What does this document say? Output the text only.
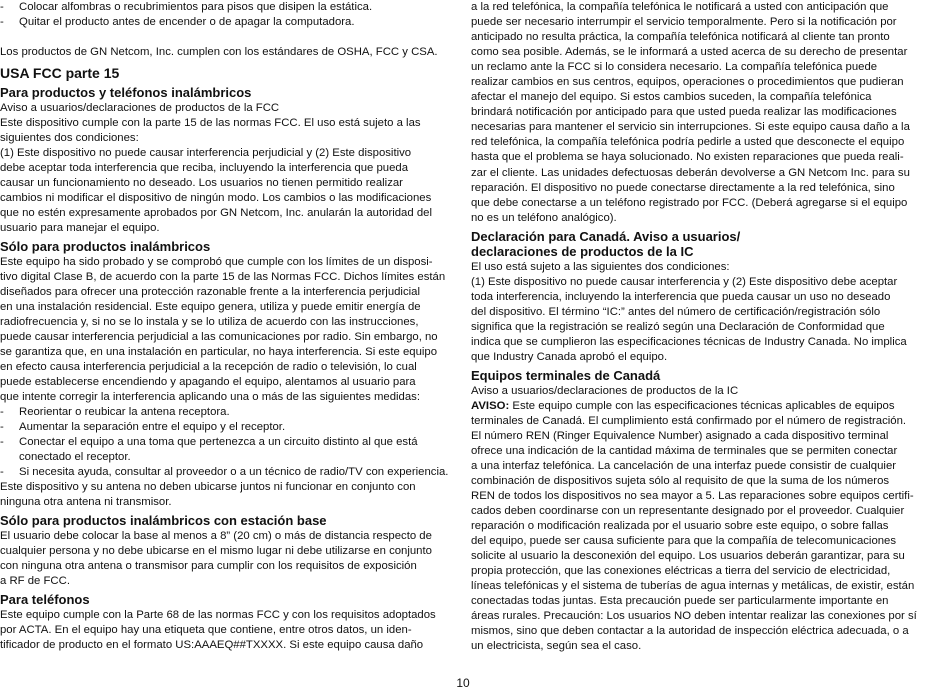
- Colocar alfombras o recubrimientos para pisos que disipen la estática.
- Quitar el producto antes de encender o de apagar la computadora.

Los productos de GN Netcom, Inc. cumplen con los estándares de OSHA, FCC y CSA.

USA FCC parte 15
Para productos y teléfonos inalámbricos
Aviso a usuarios/declaraciones de productos de la FCC
Este dispositivo cumple con la parte 15 de las normas FCC. El uso está sujeto a las
siguientes dos condiciones:
(1) Este dispositivo no puede causar interferencia perjudicial y (2) Este dispositivo
debe aceptar toda interferencia que reciba, incluyendo la interferencia que pueda
causar un funcionamiento no deseado. Los usuarios no tienen permitido realizar
cambios ni modificar el dispositivo de ningún modo. Los cambios o las modificaciones
que no estén expresamente aprobados por GN Netcom, Inc. anularán la autoridad del
usuario para manejar el equipo.
Sólo para productos inalámbricos
Este equipo ha sido probado y se comprobó que cumple con los límites de un disposi-
tivo digital Clase B, de acuerdo con la parte 15 de las Normas FCC. Dichos límites están
diseñados para ofrecer una protección razonable frente a la interferencia perjudicial
en una instalación residencial. Este equipo genera, utiliza y puede emitir energía de
radiofrecuencia y, si no se lo instala y se lo utiliza de acuerdo con las instrucciones,
puede causar interferencia perjudicial a las comunicaciones por radio. Sin embargo, no
se garantiza que, en una instalación en particular, no haya interferencia. Si este equipo
en efecto causa interferencia perjudicial a la recepción de radio o televisión, lo cual
puede establecerse encendiendo y apagando el equipo, alentamos al usuario para
que intente corregir la interferencia aplicando una o más de las siguientes medidas:
- Reorientar o reubicar la antena receptora.
- Aumentar la separación entre el equipo y el receptor.
- Conectar el equipo a una toma que pertenezca a un circuito distinto al que está
conectado el receptor.
- Si necesita ayuda, consultar al proveedor o a un técnico de radio/TV con experiencia.
Este dispositivo y su antena no deben ubicarse juntos ni funcionar en conjunto con
ninguna otra antena ni transmisor.
Sólo para productos inalámbricos con estación base
El usuario debe colocar la base al menos a 8” (20 cm) o más de distancia respecto de
cualquier persona y no debe ubicarse en el mismo lugar ni debe utilizarse en conjunto
con ninguna otra antena o transmisor para cumplir con los requisitos de exposición
a RF de FCC.
Para teléfonos
Este equipo cumple con la Parte 68 de las normas FCC y con los requisitos adoptados
por ACTA. En el equipo hay una etiqueta que contiene, entre otros datos, un iden-
tificador de producto en el formato US:AAAEQ##TXXXX. Si este equipo causa daño
a la red telefónica, la compañía telefónica le notificará a usted con anticipación que
puede ser necesario interrumpir el servicio temporalmente. Pero si la notificación por
anticipado no resulta práctica, la compañía telefónica notificará al cliente tan pronto
como sea posible. Además, se le informará a usted acerca de su derecho de presentar
un reclamo ante la FCC si lo considera necesario. La compañía telefónica puede
realizar cambios en sus centros, equipos, operaciones o procedimientos que pudieran
afectar el manejo del equipo. Si estos cambios suceden, la compañía telefónica
brindará notificación por anticipado para que usted pueda realizar las modificaciones
necesarias para mantener el servicio sin interrupciones. Si este equipo causa daño a la
red telefónica, la compañía telefónica podría pedirle a usted que desconecte el equipo
hasta que el problema se haya solucionado. No existen reparaciones que pueda reali-
zar el cliente. Las unidades defectuosas deberán devolverse a GN Netcom Inc. para su
reparación. El dispositivo no puede conectarse directamente a la red telefónica, sino
que debe conectarse a un teléfono registrado por FCC. (Deberá agregarse si el equipo
no es un teléfono analógico).
Declaración para Canadá. Aviso a usuarios/
declaraciones de productos de la IC
El uso está sujeto a las siguientes dos condiciones:
(1) Este dispositivo no puede causar interferencia y (2) Este dispositivo debe aceptar
toda interferencia, incluyendo la interferencia que pueda causar un uso no deseado
del dispositivo. El término “IC:” antes del número de certificación/registración sólo
significa que la registración se realizó según una Declaración de Conformidad que
indica que se cumplieron las especificaciones técnicas de Industry Canada. No implica
que Industry Canada aprobó el equipo.
Equipos terminales de Canadá
Aviso a usuarios/declaraciones de productos de la IC
AVISO: Este equipo cumple con las especificaciones técnicas aplicables de equipos
terminales de Canadá. El cumplimiento está confirmado por el número de registración.
El número REN (Ringer Equivalence Number) asignado a cada dispositivo terminal
ofrece una indicación de la cantidad máxima de terminales que se permiten conectar
a una interfaz telefónica. La cancelación de una interfaz puede consistir de cualquier
combinación de dispositivos sujeta sólo al requisito de que la suma de los números
REN de todos los dispositivos no sea mayor a 5. Las reparaciones sobre equipos certifi-
cados deben coordinarse con un representante designado por el proveedor. Cualquier
reparación o modificación realizada por el usuario sobre este equipo, o sobre fallas
del equipo, puede ser causa suficiente para que la compañía de telecomunicaciones
solicite al usuario la desconexión del equipo. Los usuarios deberán garantizar, para su
propia protección, que las conexiones eléctricas a tierra del servicio de electricidad,
líneas telefónicas y el sistema de tuberías de agua internas y metálicas, de existir, están
conectadas todas juntas. Esta precaución puede ser particularmente importante en
áreas rurales. Precaución: Los usuarios NO deben intentar realizar las conexiones por sí
mismos, sino que deben contactar a la autoridad de inspección eléctrica adecuada, o a
un electricista, según sea el caso.
10
